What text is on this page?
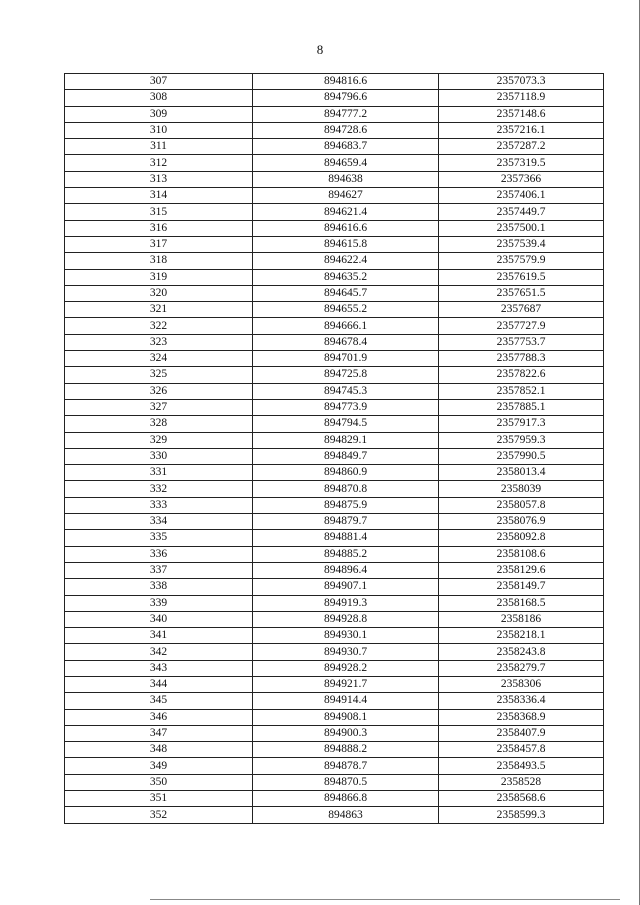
8
307	894816.6	2357073.3
308	894796.6	2357118.9
309	894777.2	2357148.6
310	894728.6	2357216.1
311	894683.7	2357287.2
312	894659.4	2357319.5
313	894638	2357366
314	894627	2357406.1
315	894621.4	2357449.7
316	894616.6	2357500.1
317	894615.8	2357539.4
318	894622.4	2357579.9
319	894635.2	2357619.5
320	894645.7	2357651.5
321	894655.2	2357687
322	894666.1	2357727.9
323	894678.4	2357753.7
324	894701.9	2357788.3
325	894725.8	2357822.6
326	894745.3	2357852.1
327	894773.9	2357885.1
328	894794.5	2357917.3
329	894829.1	2357959.3
330	894849.7	2357990.5
331	894860.9	2358013.4
332	894870.8	2358039
333	894875.9	2358057.8
334	894879.7	2358076.9
335	894881.4	2358092.8
336	894885.2	2358108.6
337	894896.4	2358129.6
338	894907.1	2358149.7
339	894919.3	2358168.5
340	894928.8	2358186
341	894930.1	2358218.1
342	894930.7	2358243.8
343	894928.2	2358279.7
344	894921.7	2358306
345	894914.4	2358336.4
346	894908.1	2358368.9
347	894900.3	2358407.9
348	894888.2	2358457.8
349	894878.7	2358493.5
350	894870.5	2358528
351	894866.8	2358568.6
352	894863	2358599.3
